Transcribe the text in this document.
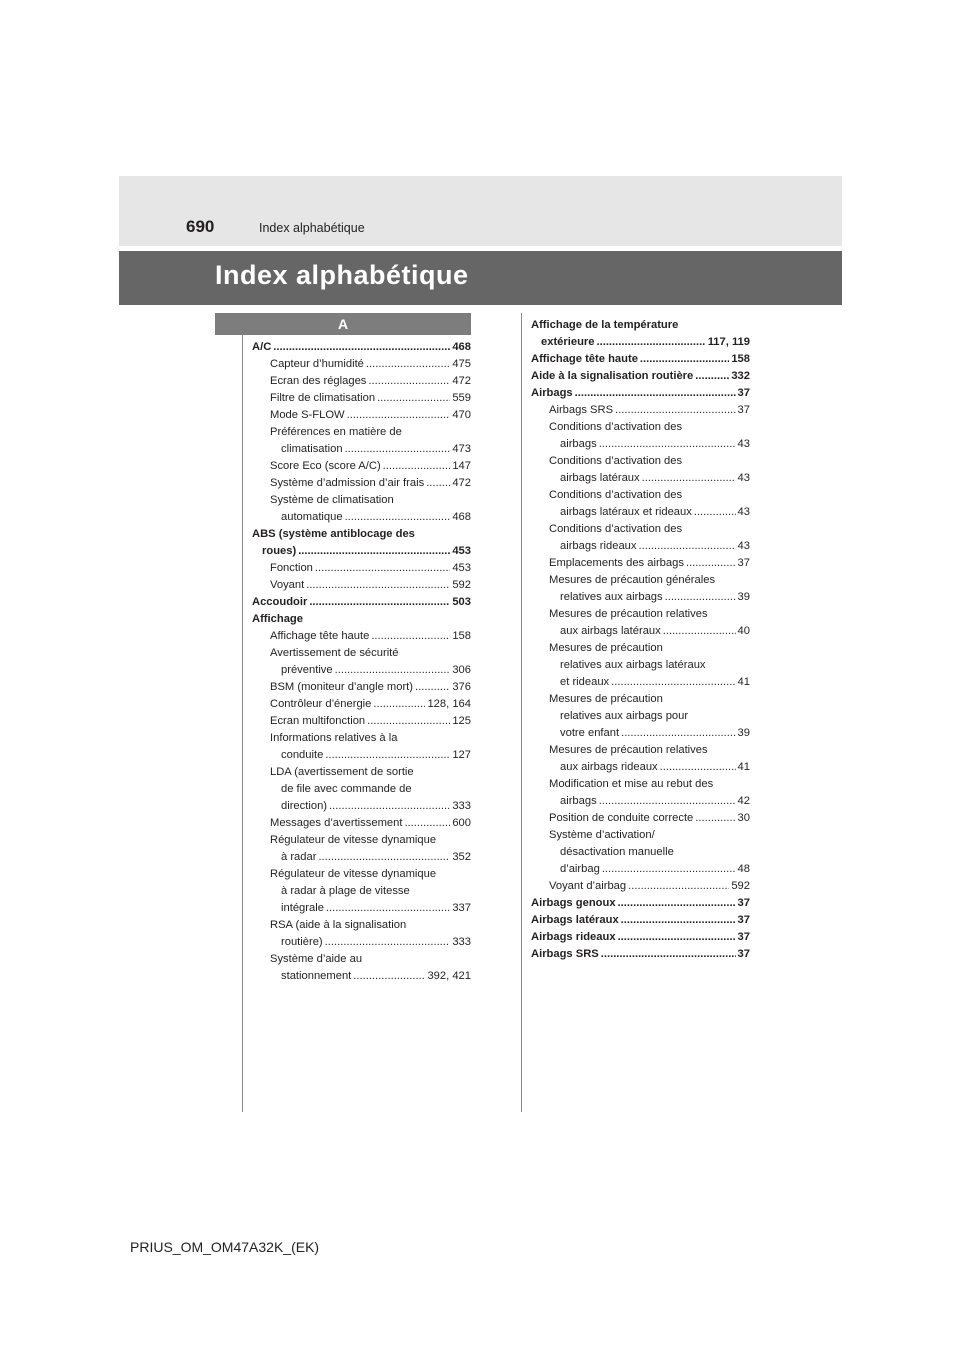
690	Index alphabétique
Index alphabétique
A
A/C .....	468
Capteur d’humidité .....	475
Ecran des réglages .....	472
Filtre de climatisation .....	559
Mode S-FLOW .....	470
Préférences en matière de
climatisation .....	473
Score Eco (score A/C) .....	147
Système d’admission d’air frais .....	472
Système de climatisation
automatique .....	468
ABS (système antiblocage des
roues) .....	453
Fonction .....	453
Voyant .....	592
Accoudoir .....	503
Affichage
Affichage tête haute .....	158
Avertissement de sécurité
préventive .....	306
BSM (moniteur d’angle mort) .....	376
Contrôleur d’énergie .....	128, 164
Ecran multifonction .....	125
Informations relatives à la
conduite .....	127
LDA (avertissement de sortie
de file avec commande de
direction) .....	333
Messages d’avertissement .....	600
Régulateur de vitesse dynamique
à radar .....	352
Régulateur de vitesse dynamique
à radar à plage de vitesse
intégrale .....	337
RSA (aide à la signalisation
routière) .....	333
Système d’aide au
stationnement .....	392, 421
Affichage de la température
extérieure .....	117, 119
Affichage tête haute .....	158
Aide à la signalisation routière .....	332
Airbags .....	37
Airbags SRS .....	37
Conditions d’activation des
airbags .....	43
Conditions d’activation des
airbags latéraux .....	43
Conditions d’activation des
airbags latéraux et rideaux .....	43
Conditions d’activation des
airbags rideaux .....	43
Emplacements des airbags .....	37
Mesures de précaution générales
relatives aux airbags .....	39
Mesures de précaution relatives
aux airbags latéraux .....	40
Mesures de précaution
relatives aux airbags latéraux
et rideaux .....	41
Mesures de précaution
relatives aux airbags pour
votre enfant .....	39
Mesures de précaution relatives
aux airbags rideaux .....	41
Modification et mise au rebut des
airbags .....	42
Position de conduite correcte .....	30
Système d’activation/
désactivation manuelle
d’airbag .....	48
Voyant d’airbag .....	592
Airbags genoux .....	37
Airbags latéraux .....	37
Airbags rideaux .....	37
Airbags SRS .....	37
PRIUS_OM_OM47A32K_(EK)
